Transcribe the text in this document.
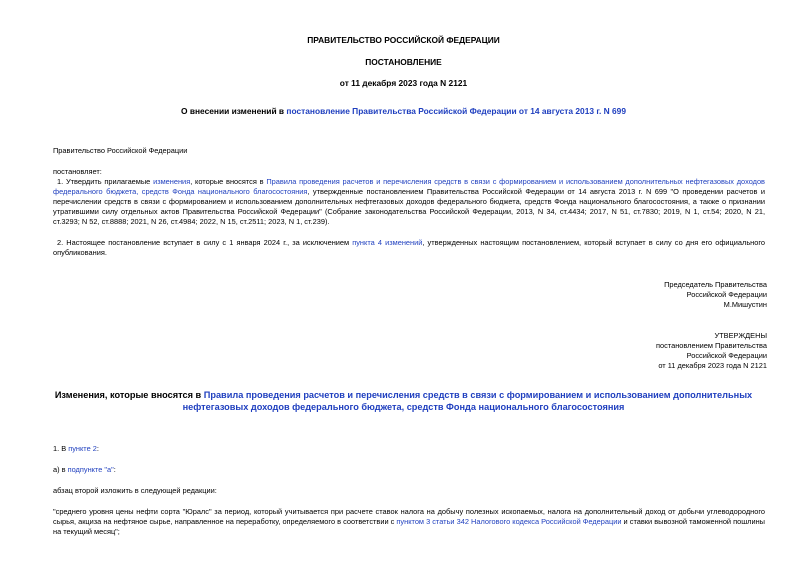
ПРАВИТЕЛЬСТВО РОССИЙСКОЙ ФЕДЕРАЦИИ
ПОСТАНОВЛЕНИЕ
от 11 декабря 2023 года N 2121
О внесении изменений в постановление Правительства Российской Федерации от 14 августа 2013 г. N 699
Правительство Российской Федерации
постановляет:
1. Утвердить прилагаемые изменения, которые вносятся в Правила проведения расчетов и перечисления средств в связи с формированием и использованием дополнительных нефтегазовых доходов федерального бюджета, средств Фонда национального благосостояния, утвержденные постановлением Правительства Российской Федерации от 14 августа 2013 г. N 699 "О проведении расчетов и перечислении средств в связи с формированием и использованием дополнительных нефтегазовых доходов федерального бюджета, средств Фонда национального благосостояния, а также о признании утратившими силу отдельных актов Правительства Российской Федерации" (Собрание законодательства Российской Федерации, 2013, N 34, ст.4434; 2017, N 51, ст.7830; 2019, N 1, ст.54; 2020, N 21, ст.3293; N 52, ст.8888; 2021, N 26, ст.4984; 2022, N 15, ст.2511; 2023, N 1, ст.239).
2. Настоящее постановление вступает в силу с 1 января 2024 г., за исключением пункта 4 изменений, утвержденных настоящим постановлением, который вступает в силу со дня его официального опубликования.
Председатель Правительства
Российской Федерации
М.Мишустин
УТВЕРЖДЕНЫ
постановлением Правительства
Российской Федерации
от 11 декабря 2023 года N 2121
Изменения, которые вносятся в Правила проведения расчетов и перечисления средств в связи с формированием и использованием дополнительных нефтегазовых доходов федерального бюджета, средств Фонда национального благосостояния
1. В пункте 2:
а) в подпункте "а":
абзац второй изложить в следующей редакции:
"среднего уровня цены нефти сорта "Юралс" за период, который учитывается при расчете ставок налога на добычу полезных ископаемых, налога на дополнительный доход от добычи углеводородного сырья, акциза на нефтяное сырье, направленное на переработку, определяемого в соответствии с пунктом 3 статьи 342 Налогового кодекса Российской Федерации и ставки вывозной таможенной пошлины на текущий месяц";
